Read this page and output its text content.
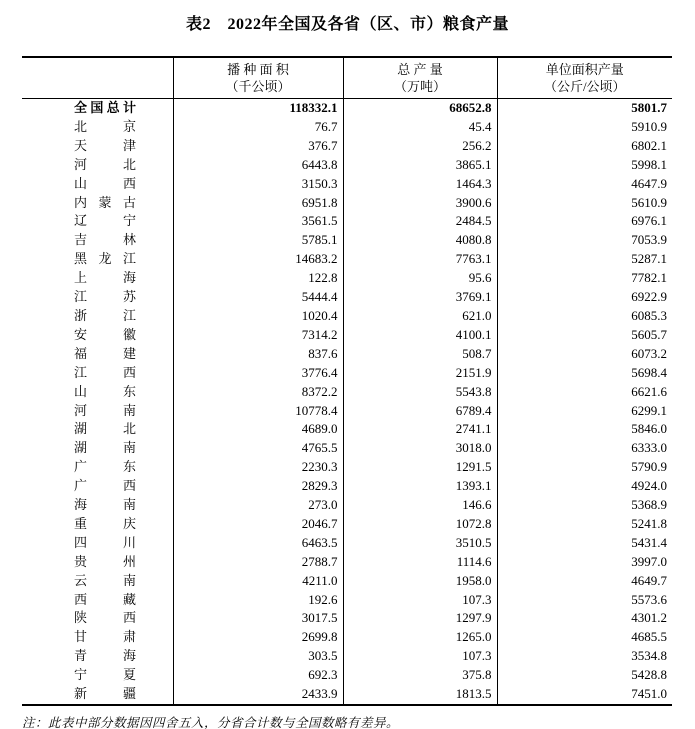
表2　2022年全国及各省（区、市）粮食产量

播 种 面 积
（千公顷）

总 产 量
（万吨）

单位面积产量
（公斤/公顷）

全国总计	118332.1	68652.8	5801.7
北京	76.7	45.4	5910.9
天津	376.7	256.2	6802.1
河北	6443.8	3865.1	5998.1
山西	3150.3	1464.3	4647.9
内蒙古	6951.8	3900.6	5610.9
辽宁	3561.5	2484.5	6976.1
吉林	5785.1	4080.8	7053.9
黑龙江	14683.2	7763.1	5287.1
上海	122.8	95.6	7782.1
江苏	5444.4	3769.1	6922.9
浙江	1020.4	621.0	6085.3
安徽	7314.2	4100.1	5605.7
福建	837.6	508.7	6073.2
江西	3776.4	2151.9	5698.4
山东	8372.2	5543.8	6621.6
河南	10778.4	6789.4	6299.1
湖北	4689.0	2741.1	5846.0
湖南	4765.5	3018.0	6333.0
广东	2230.3	1291.5	5790.9
广西	2829.3	1393.1	4924.0
海南	273.0	146.6	5368.9
重庆	2046.7	1072.8	5241.8
四川	6463.5	3510.5	5431.4
贵州	2788.7	1114.6	3997.0
云南	4211.0	1958.0	4649.7
西藏	192.6	107.3	5573.6
陕西	3017.5	1297.9	4301.2
甘肃	2699.8	1265.0	4685.5
青海	303.5	107.3	3534.8
宁夏	692.3	375.8	5428.8
新疆	2433.9	1813.5	7451.0
注：此表中部分数据因四舍五入，分省合计数与全国数略有差异。
